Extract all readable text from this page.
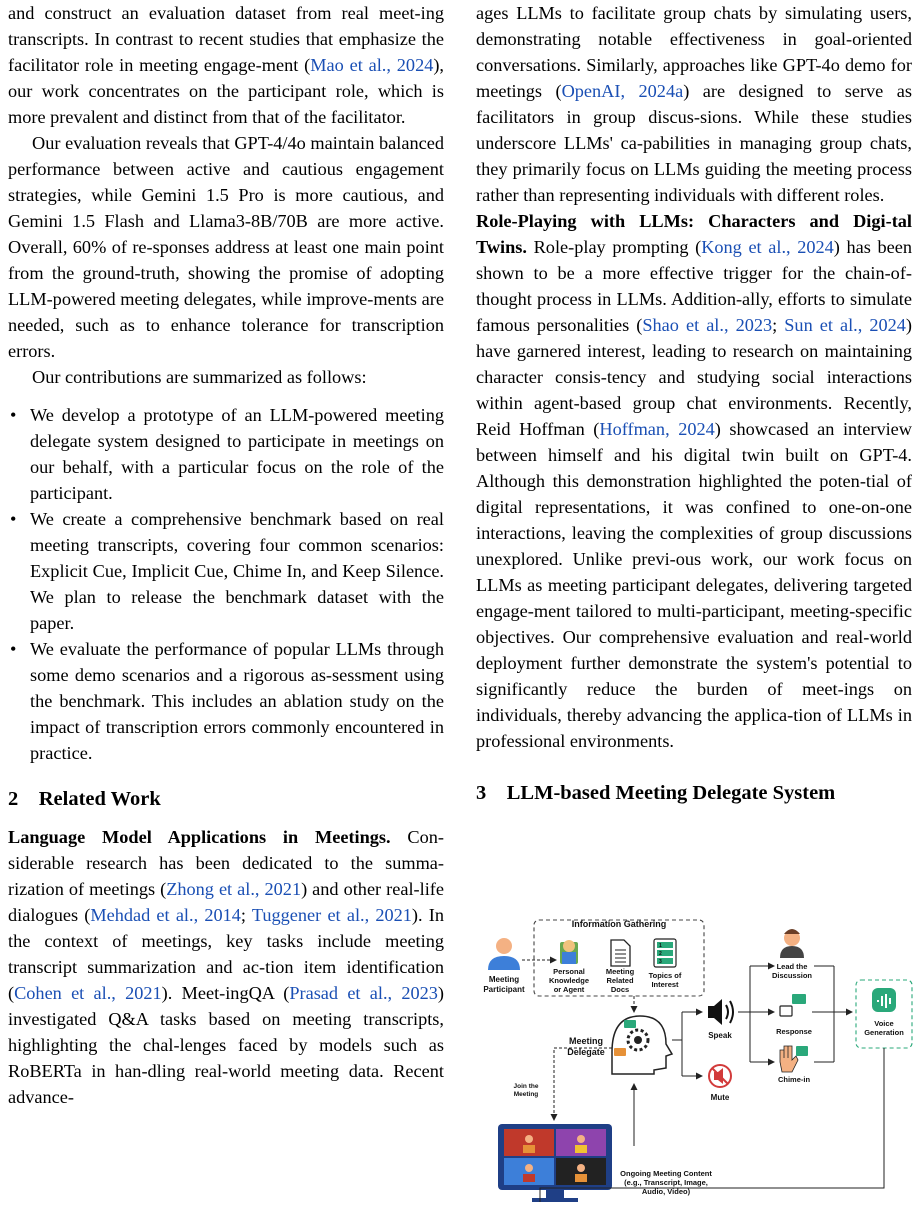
and construct an evaluation dataset from real meet-ing transcripts. In contrast to recent studies that emphasize the facilitator role in meeting engage-ment (Mao et al., 2024), our work concentrates on the participant role, which is more prevalent and distinct from that of the facilitator.

Our evaluation reveals that GPT-4/4o maintain balanced performance between active and cautious engagement strategies, while Gemini 1.5 Pro is more cautious, and Gemini 1.5 Flash and Llama3-8B/70B are more active. Overall, 60% of re-sponses address at least one main point from the ground-truth, showing the promise of adopting LLM-powered meeting delegates, while improve-ments are needed, such as to enhance tolerance for transcription errors.

Our contributions are summarized as follows:

• We develop a prototype of an LLM-powered meeting delegate system designed to participate in meetings on our behalf, with a particular focus on the role of the participant.
• We create a comprehensive benchmark based on real meeting transcripts, covering four common scenarios: Explicit Cue, Implicit Cue, Chime In, and Keep Silence. We plan to release the benchmark dataset with the paper.
• We evaluate the performance of popular LLMs through some demo scenarios and a rigorous as-sessment using the benchmark. This includes an ablation study on the impact of transcription errors commonly encountered in practice.
2 Related Work

Language Model Applications in Meetings. Con-siderable research has been dedicated to the summa-rization of meetings (Zhong et al., 2021) and other real-life dialogues (Mehdad et al., 2014; Tuggener et al., 2021). In the context of meetings, key tasks include meeting transcript summarization and ac-tion item identification (Cohen et al., 2021). Meet-ingQA (Prasad et al., 2023) investigated Q&A tasks based on meeting transcripts, highlighting the chal-lenges faced by models such as RoBERTa in han-dling real-world meeting data. Recent advance-

ages LLMs to facilitate group chats by simulating users, demonstrating notable effectiveness in goal-oriented conversations. Similarly, approaches like GPT-4o demo for meetings (OpenAI, 2024a) are designed to serve as facilitators in group discus-sions. While these studies underscore LLMs' ca-pabilities in managing group chats, they primarily focus on LLMs guiding the meeting process rather than representing individuals with different roles.

Role-Playing with LLMs: Characters and Digi-tal Twins. Role-play prompting (Kong et al., 2024) has been shown to be a more effective trigger for the chain-of-thought process in LLMs. Addition-ally, efforts to simulate famous personalities (Shao et al., 2023; Sun et al., 2024) have garnered interest, leading to research on maintaining character consis-tency and studying social interactions within agent-based group chat environments. Recently, Reid Hoffman (Hoffman, 2024) showcased an interview between himself and his digital twin built on GPT-4. Although this demonstration highlighted the poten-tial of digital representations, it was confined to one-on-one interactions, leaving the complexities of group discussions unexplored. Unlike previ-ous work, our work focus on LLMs as meeting participant delegates, delivering targeted engage-ment tailored to multi-participant, meeting-specific objectives. Our comprehensive evaluation and real-world deployment further demonstrate the system's potential to significantly reduce the burden of meet-ings on individuals, thereby advancing the applica-tion of LLMs in professional environments.

3 LLM-based Meeting Delegate System
Information Gathering
Personal
Knowledge
or Agent
Meeting
Related
Docs
1
2
3
Topics of
Interest
Meeting
Participant
Meeting
Delegate
Join the
Meeting
Ongoing Meeting Content
(e.g., Transcript, Image,
Audio, Video)
Speak
Mute
Lead the
Discussion
Response
Chime-in
Voice
Generation
